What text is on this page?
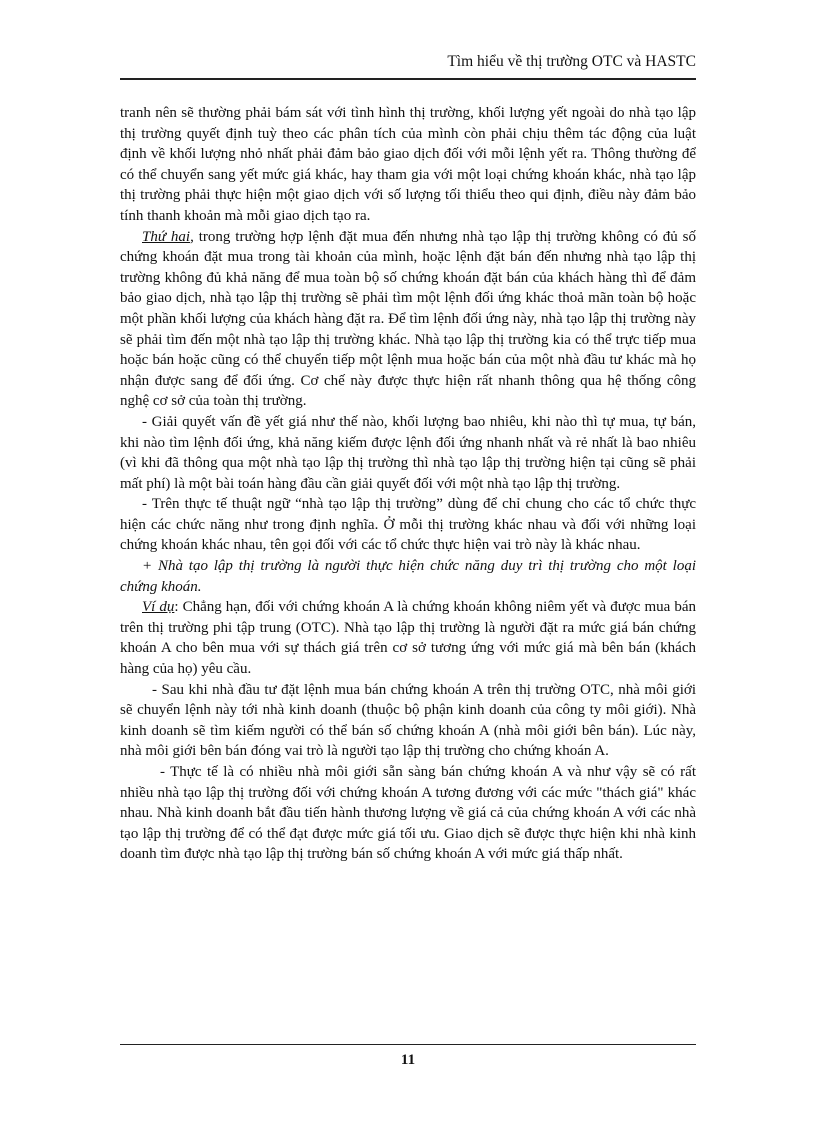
Tìm hiểu về thị trường OTC và HASTC

tranh nên sẽ thường phải bám sát với tình hình thị trường, khối lượng yết ngoài do nhà tạo lập thị trường quyết định tuỳ theo các phân tích của mình còn phải chịu thêm tác động của luật định về khối lượng nhỏ nhất phải đảm bảo giao dịch đối với mỗi lệnh yết ra. Thông thường để có thể chuyển sang yết mức giá khác, hay tham gia với một loại chứng khoán khác, nhà tạo lập thị trường phải thực hiện một giao dịch với số lượng tối thiểu theo qui định, điều này đảm bảo tính thanh khoản mà mỗi giao dịch tạo ra.

Thứ hai, trong trường hợp lệnh đặt mua đến nhưng nhà tạo lập thị trường không có đủ số chứng khoán đặt mua trong tài khoản của mình, hoặc lệnh đặt bán đến nhưng nhà tạo lập thị trường không đủ khả năng để mua toàn bộ số chứng khoán đặt bán của khách hàng thì để đảm bảo giao dịch, nhà tạo lập thị trường sẽ phải tìm một lệnh đối ứng khác thoả mãn toàn bộ hoặc một phần khối lượng của khách hàng đặt ra. Để tìm lệnh đối ứng này, nhà tạo lập thị trường này sẽ phải tìm đến một nhà tạo lập thị trường khác. Nhà tạo lập thị trường kia có thể trực tiếp mua hoặc bán hoặc cũng có thể chuyển tiếp một lệnh mua hoặc bán của một nhà đầu tư khác mà họ nhận được sang để đối ứng. Cơ chế này được thực hiện rất nhanh thông qua hệ thống công nghệ cơ sở của toàn thị trường.

- Giải quyết vấn đề yết giá như thế nào, khối lượng bao nhiêu, khi nào thì tự mua, tự bán, khi nào tìm lệnh đối ứng, khả năng kiếm được lệnh đối ứng nhanh nhất và rẻ nhất là bao nhiêu (vì khi đã thông qua một nhà tạo lập thị trường thì nhà tạo lập thị trường hiện tại cũng sẽ phải mất phí) là một bài toán hàng đầu cần giải quyết đối với một nhà tạo lập thị trường.

- Trên thực tế thuật ngữ “nhà tạo lập thị trường” dùng để chỉ chung cho các tổ chức thực hiện các chức năng như trong định nghĩa. Ở mỗi thị trường khác nhau và đối với những loại chứng khoán khác nhau, tên gọi đối với các tổ chức thực hiện vai trò này là khác nhau.

+ Nhà tạo lập thị trường là người thực hiện chức năng duy trì thị trường cho một loại chứng khoán.

Ví dụ: Chẳng hạn, đối với chứng khoán A là chứng khoán không niêm yết và được mua bán trên thị trường phi tập trung (OTC). Nhà tạo lập thị trường là người đặt ra mức giá bán chứng khoán A cho bên mua với sự thách giá trên cơ sở tương ứng với mức giá mà bên bán (khách hàng của họ) yêu cầu.

- Sau khi nhà đầu tư đặt lệnh mua bán chứng khoán A trên thị trường OTC, nhà môi giới sẽ chuyển lệnh này tới nhà kinh doanh (thuộc bộ phận kinh doanh của công ty môi giới). Nhà kinh doanh sẽ tìm kiếm người có thể bán số chứng khoán A (nhà môi giới bên bán). Lúc này, nhà môi giới bên bán đóng vai trò là người tạo lập thị trường cho chứng khoán A.

- Thực tế là có nhiều nhà môi giới sẵn sàng bán chứng khoán A và như vậy sẽ có rất nhiều nhà tạo lập thị trường đối với chứng khoán A tương đương với các mức "thách giá" khác nhau. Nhà kinh doanh bắt đầu tiến hành thương lượng về giá cả của chứng khoán A với các nhà tạo lập thị trường để có thể đạt được mức giá tối ưu. Giao dịch sẽ được thực hiện khi nhà kinh doanh tìm được nhà tạo lập thị trường bán số chứng khoán A với mức giá thấp nhất.

11
